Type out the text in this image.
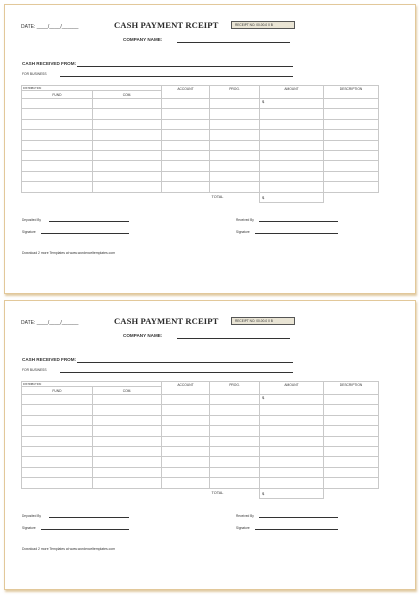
DATE: ____/____/______	CASH PAYMENT RCEIPT	RECEIPT NO. 00-00-0 0 B
COMPANY NAME:
CASH RECEIVED FROM:
FOR BUSINESS
DISTRIBUTION		ACCOUNT	PROG.	AMOUNT	DESCRIPTION
FUND	COM.				
				$	

			TOTAL	$	
Deposited By
Signature
Received By
Signature
Download 2 more Templates at www.wordexceltemplates.com
DATE: ____/____/______	CASH PAYMENT RCEIPT	RECEIPT NO. 00-00-0 0 B
COMPANY NAME:
CASH RECEIVED FROM:
FOR BUSINESS
DISTRIBUTION		ACCOUNT	PROG.	AMOUNT	DESCRIPTION
FUND	COM.				
				$	

			TOTAL	$	
Deposited By
Signature
Received By
Signature
Download 2 more Templates at www.wordexceltemplates.com
